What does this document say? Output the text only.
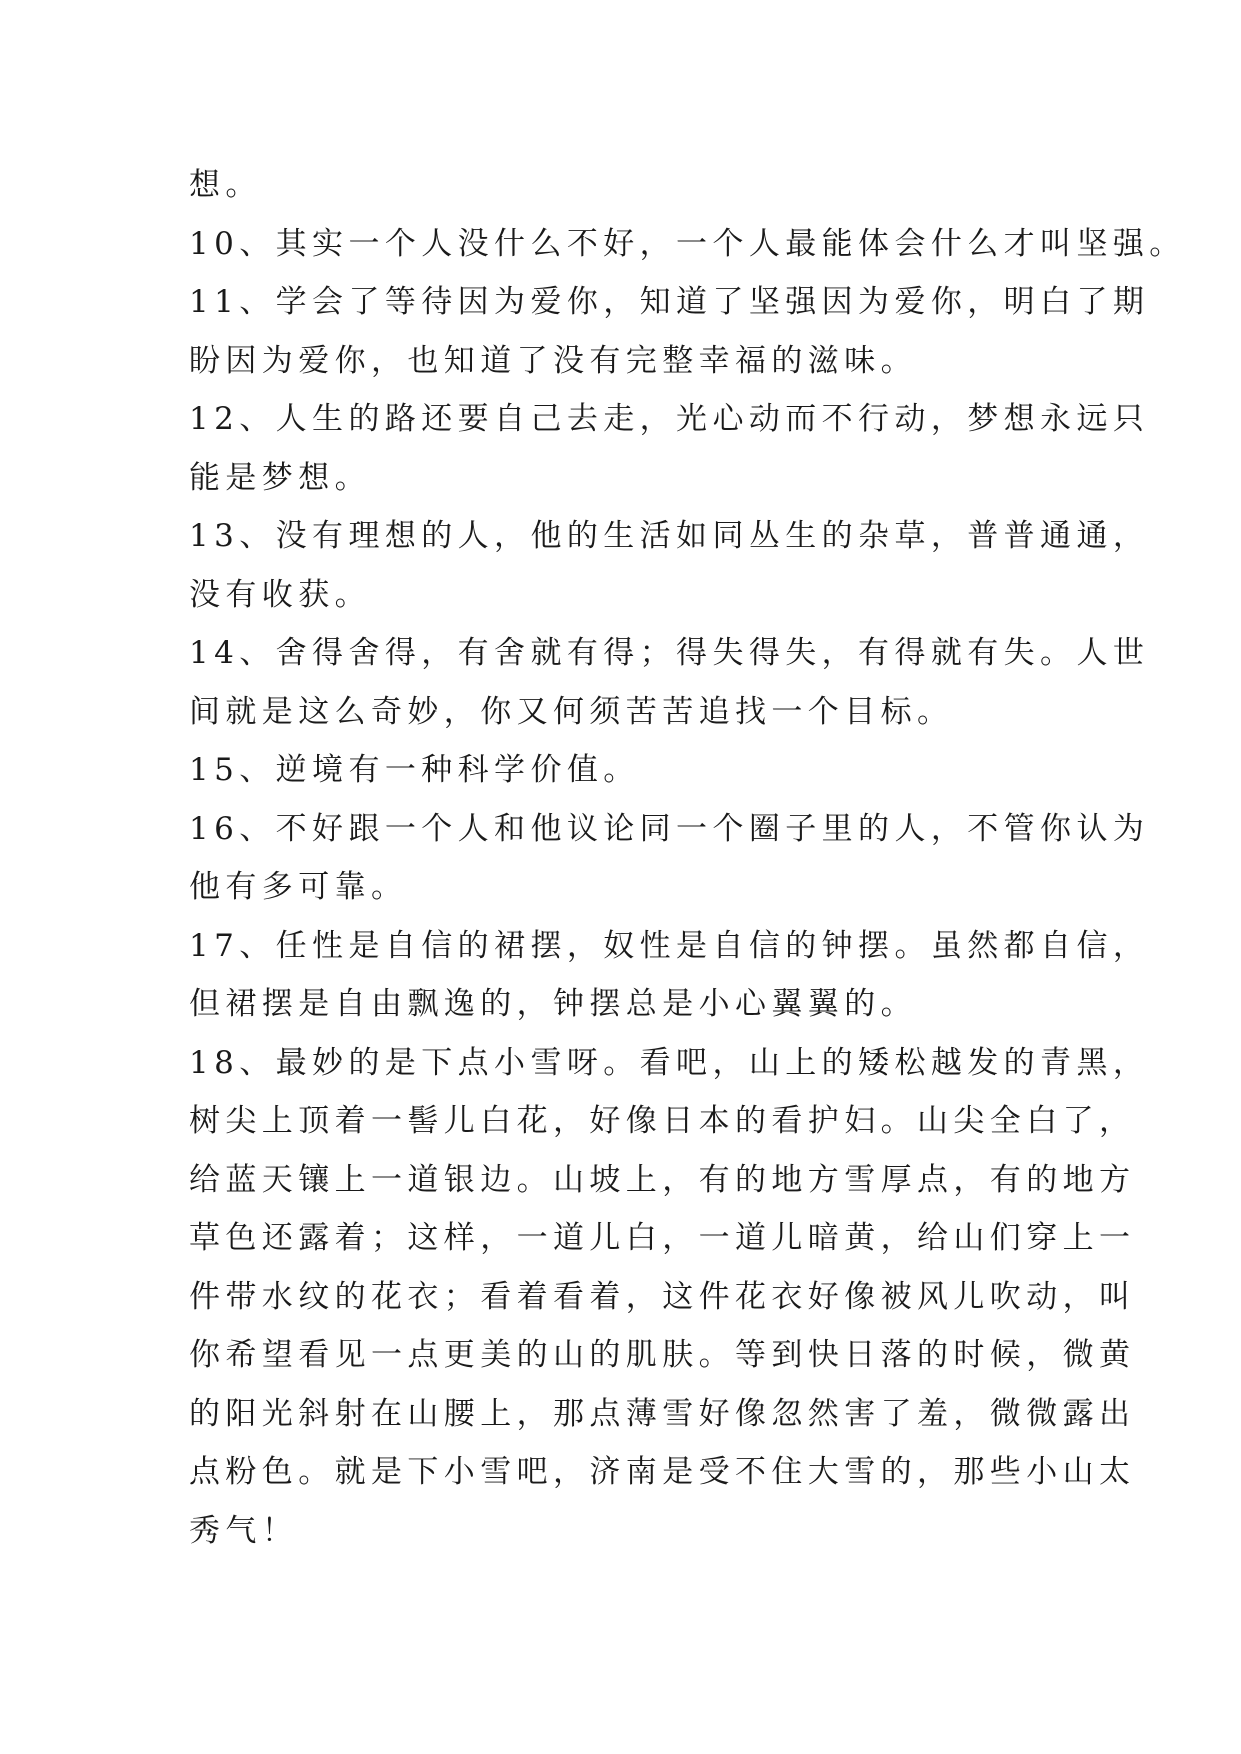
想。
10、其实一个人没什么不好，一个人最能体会什么才叫坚强。
11、学会了等待因为爱你，知道了坚强因为爱你，明白了期
盼因为爱你，也知道了没有完整幸福的滋味。
12、人生的路还要自己去走，光心动而不行动，梦想永远只
能是梦想。
13、没有理想的人，他的生活如同丛生的杂草，普普通通，
没有收获。
14、舍得舍得，有舍就有得；得失得失，有得就有失。人世
间就是这么奇妙，你又何须苦苦追找一个目标。
15、逆境有一种科学价值。
16、不好跟一个人和他议论同一个圈子里的人，不管你认为
他有多可靠。
17、任性是自信的裙摆，奴性是自信的钟摆。虽然都自信，
但裙摆是自由飘逸的，钟摆总是小心翼翼的。
18、最妙的是下点小雪呀。看吧，山上的矮松越发的青黑，
树尖上顶着一髻儿白花，好像日本的看护妇。山尖全白了，
给蓝天镶上一道银边。山坡上，有的地方雪厚点，有的地方
草色还露着；这样，一道儿白，一道儿暗黄，给山们穿上一
件带水纹的花衣；看着看着，这件花衣好像被风儿吹动，叫
你希望看见一点更美的山的肌肤。等到快日落的时候，微黄
的阳光斜射在山腰上，那点薄雪好像忽然害了羞，微微露出
点粉色。就是下小雪吧，济南是受不住大雪的，那些小山太
秀气！
